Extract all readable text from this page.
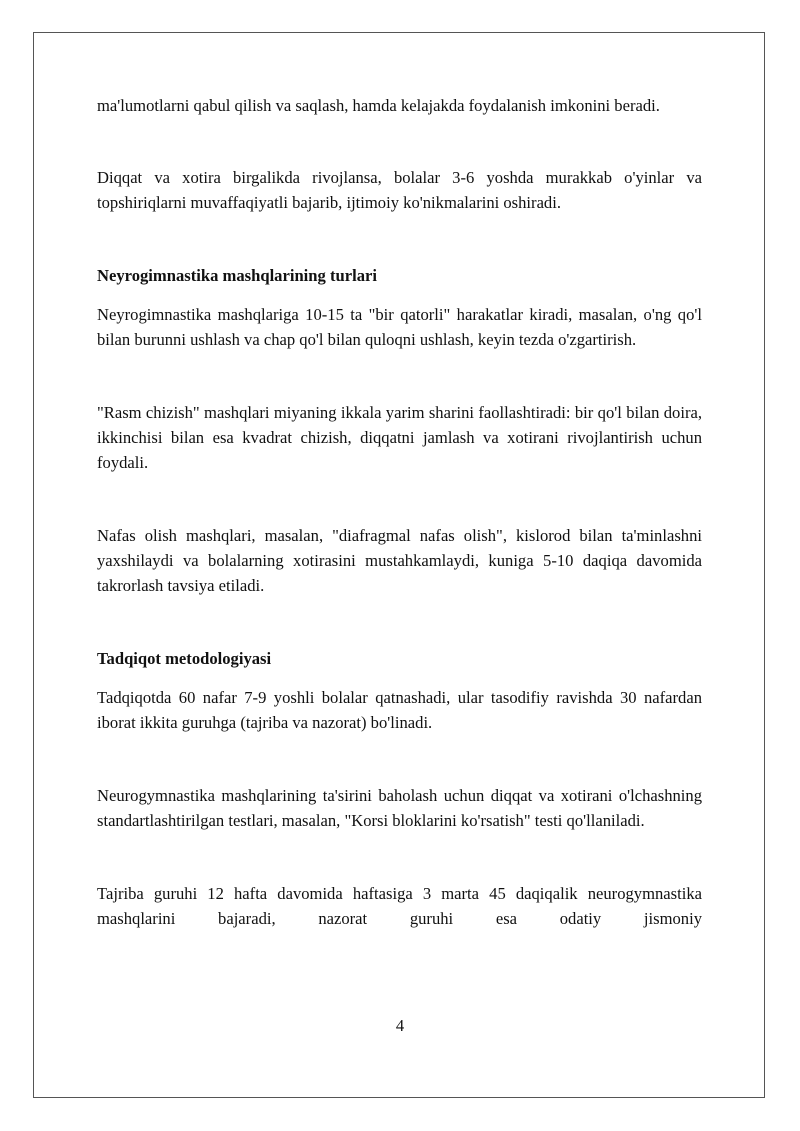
ma'lumotlarni qabul qilish va saqlash, hamda kelajakda foydalanish imkonini beradi.

Diqqat va xotira birgalikda rivojlansa, bolalar 3-6 yoshda murakkab o'yinlar va topshiriqlarni muvaffaqiyatli bajarib, ijtimoiy ko'nikmalarini oshiradi.

Neyrogimnastika mashqlarining turlari

Neyrogimnastika mashqlariga 10-15 ta "bir qatorli" harakatlar kiradi, masalan, o'ng qo'l bilan burunni ushlash va chap qo'l bilan quloqni ushlash, keyin tezda o'zgartirish.

"Rasm chizish" mashqlari miyaning ikkala yarim sharini faollashtiradi: bir qo'l bilan doira, ikkinchisi bilan esa kvadrat chizish, diqqatni jamlash va xotirani rivojlantirish uchun foydali.

Nafas olish mashqlari, masalan, "diafragmal nafas olish", kislorod bilan ta'minlashni yaxshilaydi va bolalarning xotirasini mustahkamlaydi, kuniga 5-10 daqiqa davomida takrorlash tavsiya etiladi.

Tadqiqot metodologiyasi

Tadqiqotda 60 nafar 7-9 yoshli bolalar qatnashadi, ular tasodifiy ravishda 30 nafardan iborat ikkita guruhga (tajriba va nazorat) bo'linadi.

Neurogymnastika mashqlarining ta'sirini baholash uchun diqqat va xotirani o'lchashning standartlashtirilgan testlari, masalan, "Korsi bloklarini ko'rsatish" testi qo'llaniladi.

Tajriba guruhi 12 hafta davomida haftasiga 3 marta 45 daqiqalik neurogymnastika mashqlarini bajaradi, nazorat guruhi esa odatiy jismoniy

4
